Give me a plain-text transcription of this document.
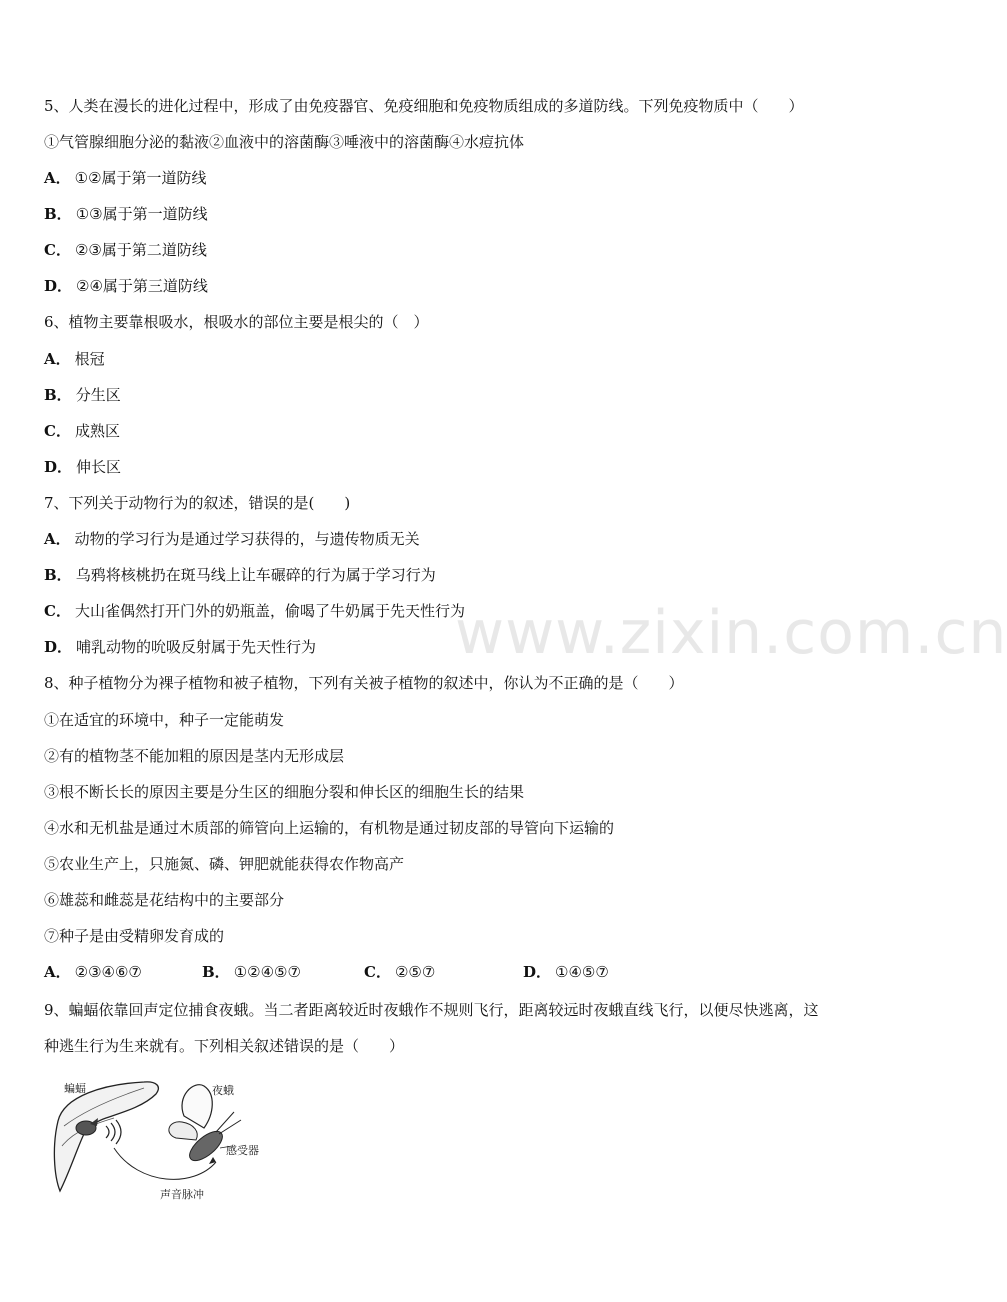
www.zixin.com.cn
5、人类在漫长的进化过程中，形成了由免疫器官、免疫细胞和免疫物质组成的多道防线。下列免疫物质中（　　）
①气管腺细胞分泌的黏液②血液中的溶菌酶③唾液中的溶菌酶④水痘抗体
A． ①②属于第一道防线
B． ①③属于第一道防线
C． ②③属于第二道防线
D． ②④属于第三道防线
6、植物主要靠根吸水，根吸水的部位主要是根尖的（　）
A． 根冠
B． 分生区
C． 成熟区
D． 伸长区
7、下列关于动物行为的叙述，错误的是(　　)
A． 动物的学习行为是通过学习获得的，与遗传物质无关
B． 乌鸦将核桃扔在斑马线上让车碾碎的行为属于学习行为
C． 大山雀偶然打开门外的奶瓶盖，偷喝了牛奶属于先天性行为
D． 哺乳动物的吮吸反射属于先天性行为
8、种子植物分为裸子植物和被子植物，下列有关被子植物的叙述中，你认为不正确的是（　　）
①在适宜的环境中，种子一定能萌发
②有的植物茎不能加粗的原因是茎内无形成层
③根不断长长的原因主要是分生区的细胞分裂和伸长区的细胞生长的结果
④水和无机盐是通过木质部的筛管向上运输的，有机物是通过韧皮部的导管向下运输的
⑤农业生产上，只施氮、磷、钾肥就能获得农作物高产
⑥雄蕊和雌蕊是花结构中的主要部分
⑦种子是由受精卵发育成的
A． ②③④⑥⑦	B． ①②④⑤⑦	C． ②⑤⑦	D． ①④⑤⑦
9、蝙蝠依靠回声定位捕食夜蛾。当二者距离较近时夜蛾作不规则飞行，距离较远时夜蛾直线飞行，以便尽快逃离，这
种逃生行为生来就有。下列相关叙述错误的是（　　）
蝙蝠	夜蛾
感受器
声音脉冲
